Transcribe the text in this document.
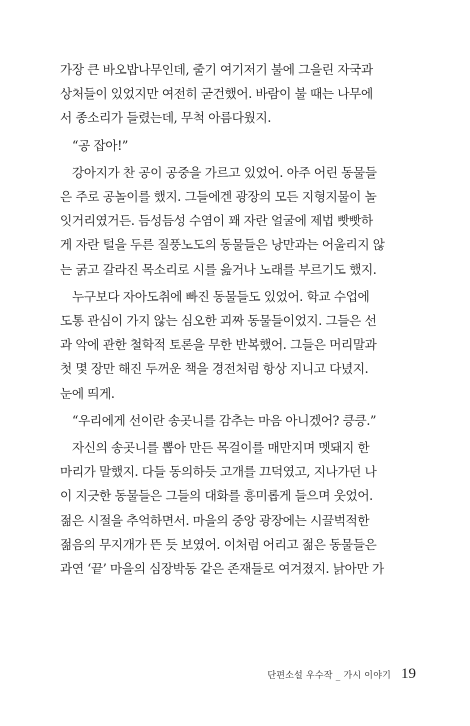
가장 큰 바오밥나무인데, 줄기 여기저기 불에 그을린 자국과
상처들이 있었지만 여전히 굳건했어. 바람이 불 때는 나무에
서 종소리가 들렸는데, 무척 아름다웠지.

“공 잡아!”

강아지가 찬 공이 공중을 가르고 있었어. 아주 어린 동물들
은 주로 공놀이를 했지. 그들에겐 광장의 모든 지형지물이 놀
잇거리였거든. 듬성듬성 수염이 꽤 자란 얼굴에 제법 빳빳하
게 자란 털을 두른 질풍노도의 동물들은 낭만과는 어울리지 않
는 굵고 갈라진 목소리로 시를 읊거나 노래를 부르기도 했지.

누구보다 자아도취에 빠진 동물들도 있었어. 학교 수업에
도통 관심이 가지 않는 심오한 괴짜 동물들이었지. 그들은 선
과 악에 관한 철학적 토론을 무한 반복했어. 그들은 머리말과
첫 몇 장만 해진 두꺼운 책을 경전처럼 항상 지니고 다녔지.
눈에 띄게.

“우리에게 선이란 송곳니를 감추는 마음 아니겠어? 킁킁.”

자신의 송곳니를 뽑아 만든 목걸이를 매만지며 멧돼지 한
마리가 말했지. 다들 동의하듯 고개를 끄덕였고, 지나가던 나
이 지긋한 동물들은 그들의 대화를 흥미롭게 들으며 웃었어.
젊은 시절을 추억하면서. 마을의 중앙 광장에는 시끌벅적한
젊음의 무지개가 뜬 듯 보였어. 이처럼 어리고 젊은 동물들은
과연 ‘끝’ 마을의 심장박동 같은 존재들로 여겨졌지. 낡아만 가

단편소설 우수작 _ 가시 이야기 19
